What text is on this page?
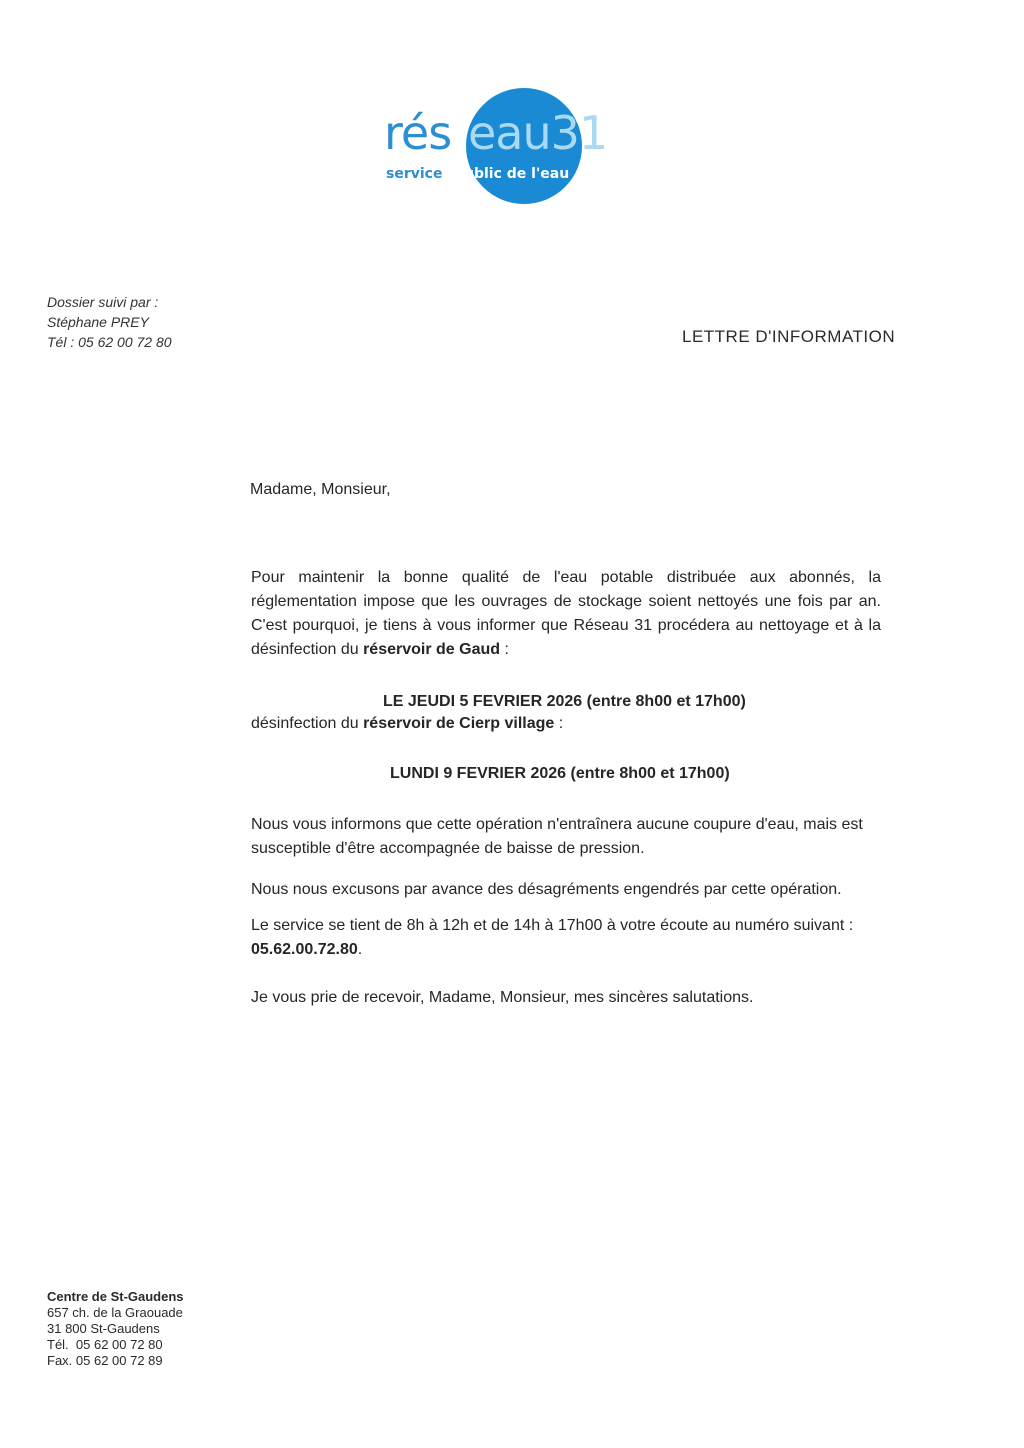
rés eau31
service public de l'eau
Dossier suivi par :
Stéphane PREY
Tél : 05 62 00 72 80	LETTRE D'INFORMATION
Madame, Monsieur,
Pour maintenir la bonne qualité de l'eau potable distribuée aux abonnés, la réglementation impose que les ouvrages de stockage soient nettoyés une fois par an. C'est pourquoi, je tiens à vous informer que Réseau 31 procédera au nettoyage et à la désinfection du réservoir de Gaud :
LE JEUDI 5 FEVRIER 2026 (entre 8h00 et 17h00)
désinfection du réservoir de Cierp village :
LUNDI 9 FEVRIER 2026 (entre 8h00 et 17h00)
Nous vous informons que cette opération n'entraînera aucune coupure d'eau, mais est susceptible d'être accompagnée de baisse de pression.
Nous nous excusons par avance des désagréments engendrés par cette opération.
Le service se tient de 8h à 12h et de 14h à 17h00 à votre écoute au numéro suivant : 05.62.00.72.80.
Je vous prie de recevoir, Madame, Monsieur, mes sincères salutations.
Centre de St-Gaudens
657 ch. de la Graouade
31 800 St-Gaudens
Tél.  05 62 00 72 80
Fax. 05 62 00 72 89
